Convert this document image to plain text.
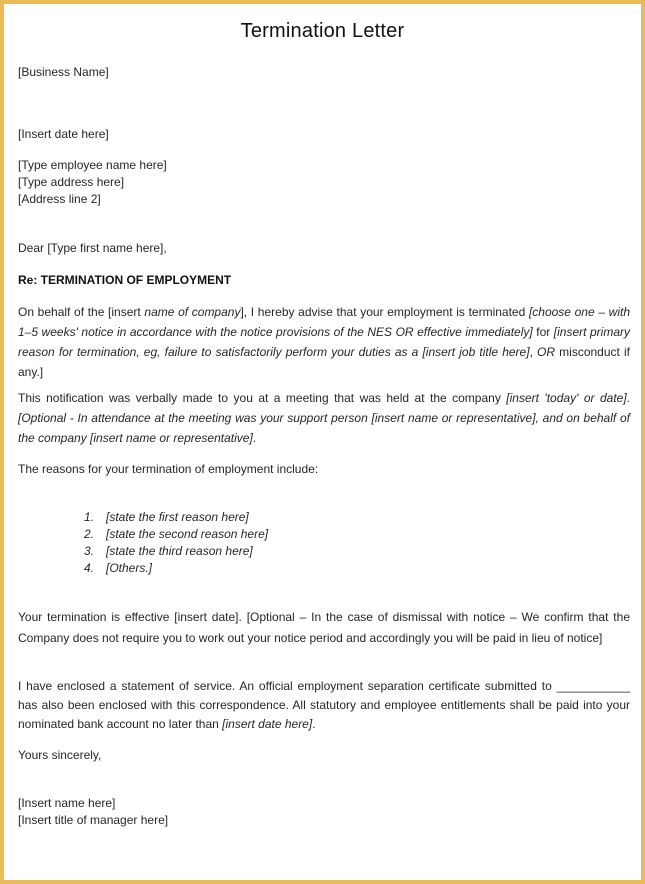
Termination Letter

[Business Name]

[Insert date here]

[Type employee name here]
[Type address here]
[Address line 2]

Dear [Type first name here],

Re: TERMINATION OF EMPLOYMENT

On behalf of the [insert name of company], I hereby advise that your employment is terminated [choose one – with 1–5 weeks' notice in accordance with the notice provisions of the NES OR effective immediately] for [insert primary reason for termination, eg, failure to satisfactorily perform your duties as a [insert job title here], OR misconduct if any.]

This notification was verbally made to you at a meeting that was held at the company [insert 'today' or date]. [Optional - In attendance at the meeting was your support person [insert name or representative], and on behalf of the company [insert name or representative].

The reasons for your termination of employment include:

1. [state the first reason here]
2. [state the second reason here]
3. [state the third reason here]
4. [Others.]

Your termination is effective [insert date]. [Optional – In the case of dismissal with notice – We confirm that the Company does not require you to work out your notice period and accordingly you will be paid in lieu of notice]

I have enclosed a statement of service. An official employment separation certificate submitted to ___________ has also been enclosed with this correspondence. All statutory and employee entitlements shall be paid into your nominated bank account no later than [insert date here].

Yours sincerely,

[Insert name here]
[Insert title of manager here]
